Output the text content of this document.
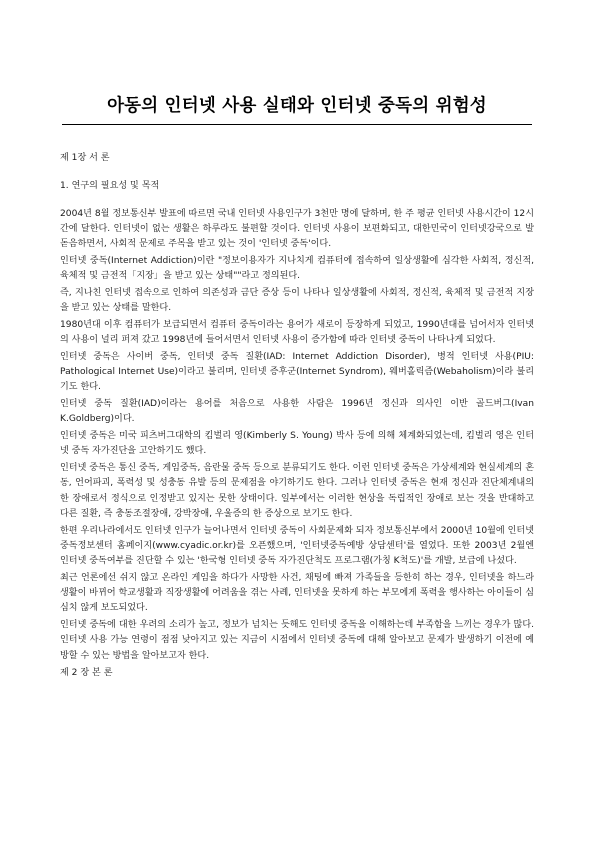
아동의 인터넷 사용 실태와 인터넷 중독의 위험성

제 1장 서 론

1. 연구의 필요성 및 목적

2004년 8월 정보통신부 발표에 따르면 국내 인터넷 사용인구가 3천만 명에 달하며, 한 주 평균 인터넷 사용시간이 12시간에 달한다. 인터넷이 없는 생활은 하루라도 불편할 것이다. 인터넷 사용이 보편화되고, 대한민국이 인터넷강국으로 발돋음하면서, 사회적 문제로 주목을 받고 있는 것이 '인터넷 중독'이다.

인터넷 중독(Internet Addiction)이란 "정보이용자가 지나치게 컴퓨터에 접속하여 일상생활에 심각한 사회적, 정신적, 육체적 및 금전적「지장」을 받고 있는 상태""라고 정의된다.

즉, 지나친 인터넷 접속으로 인하여 의존성과 금단 증상 등이 나타나 일상생활에 사회적, 정신적, 육체적 및 금전적 지장을 받고 있는 상태를 말한다.

1980년대 이후 컴퓨터가 보급되면서 컴퓨터 중독이라는 용어가 새로이 등장하게 되었고, 1990년대를 넘어서자 인터넷의 사용이 널리 퍼져 갔고 1998년에 들어서면서 인터넷 사용이 증가함에 따라 인터넷 중독이 나타나게 되었다.

인터넷 중독은 사이버 중독, 인터넷 중독 질환(IAD: Internet Addiction Disorder), 병적 인터넷 사용(PIU: Pathological Internet Use)이라고 불리며, 인터넷 증후군(Internet Syndrom), 웨버홀릭즘(Webaholism)이라 불리기도 한다.

인터넷 중독 질환(IAD)이라는 용어를 처음으로 사용한 사람은 1996년 정신과 의사인 이반 골드버그(Ivan K.Goldberg)이다.

인터넷 중독은 미국 피츠버그대학의 킴벌리 영(Kimberly S. Young) 박사 등에 의해 체계화되었는데, 킴벌리 영은 인터넷 중독 자가진단을 고안하기도 했다.

인터넷 중독은 통신 중독, 게임중독, 음란물 중독 등으로 분류되기도 한다. 이런 인터넷 중독은 가상세계와 현실세계의 혼동, 언어파괴, 폭력성 및 성충동 유발 등의 문제점을 야기하기도 한다. 그러나 인터넷 중독은 현재 정신과 진단체계내의 한 장애로서 정식으로 인정받고 있지는 못한 상태이다. 일부에서는 이러한 현상을 독립적인 장애로 보는 것을 반대하고 다른 질환, 즉 충동조절장애, 강박장애, 우울증의 한 증상으로 보기도 한다.

한편 우리나라에서도 인터넷 인구가 늘어나면서 인터넷 중독이 사회문제화 되자 정보통신부에서 2000년 10월에 인터넷중독정보센터 홈페이지(www.cyadic.or.kr)를 오픈했으며, '인터넷중독예방 상담센터'를 열었다. 또한 2003년 2월엔 인터넷 중독여부를 진단할 수 있는 '한국형 인터넷 중독 자가진단척도 프로그램(가칭 K척도)'를 개발, 보급에 나섰다.

최근 언론에선 쉬지 않고 온라인 게임을 하다가 사망한 사건, 채팅에 빠져 가족들을 등한히 하는 경우, 인터넷을 하느라 생활이 바뀌어 학교생활과 직장생활에 어려움을 겪는 사례, 인터넷을 못하게 하는 부모에게 폭력을 행사하는 아이들이 심심치 않게 보도되었다.

인터넷 중독에 대한 우려의 소리가 높고, 정보가 넘치는 듯해도 인터넷 중독을 이해하는데 부족함을 느끼는 경우가 많다. 인터넷 사용 가능 연령이 점점 낮아지고 있는 지금이 시점에서 인터넷 중독에 대해 알아보고 문제가 발생하기 이전에 예방할 수 있는 방법을 알아보고자 한다.

제 2 장 본 론
